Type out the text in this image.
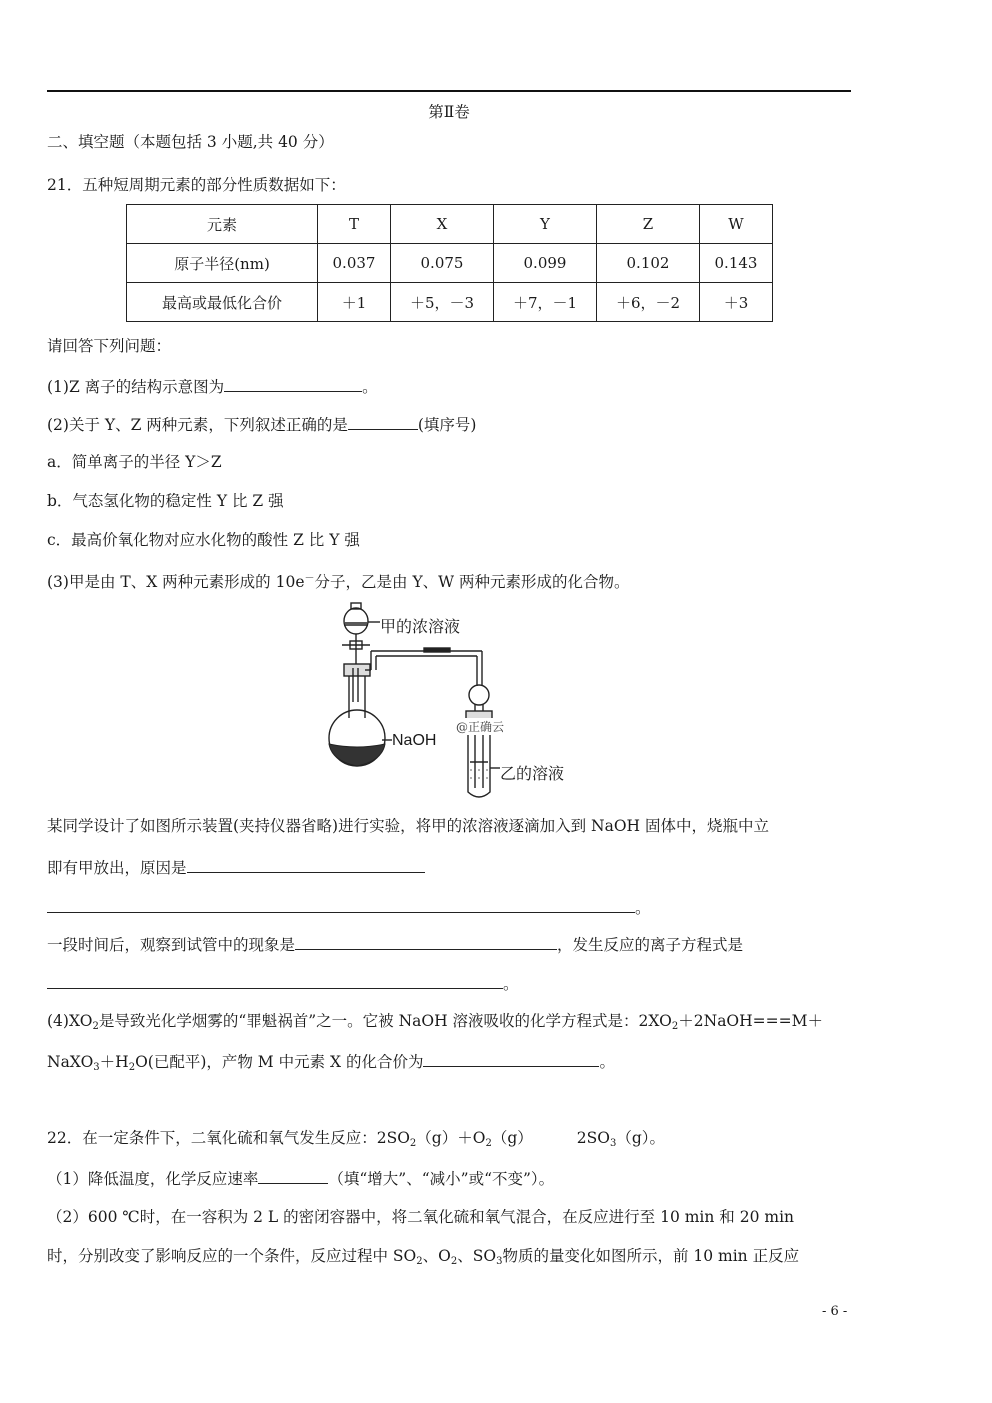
第Ⅱ卷
二、填空题（本题包括 3 小题,共 40 分）
21．五种短周期元素的部分性质数据如下：
元素	T	X	Y	Z	W
原子半径(nm)	0.037	0.075	0.099	0.102	0.143
最高或最低化合价	＋1	＋5，－3	＋7，－1	＋6，－2	＋3
请回答下列问题：
(1)Z 离子的结构示意图为	。
(2)关于 Y、Z 两种元素，下列叙述正确的是	(填序号)
a．简单离子的半径 Y＞Z
b．气态氢化物的稳定性 Y 比 Z 强
c．最高价氧化物对应水化物的酸性 Z 比 Y 强
(3)甲是由 T、X 两种元素形成的 10e－分子，乙是由 Y、W 两种元素形成的化合物。
甲的浓溶液
NaOH
乙的溶液
@正确云
某同学设计了如图所示装置(夹持仪器省略)进行实验，将甲的浓溶液逐滴加入到 NaOH 固体中，烧瓶中立
即有甲放出，原因是
。
一段时间后，观察到试管中的现象是	，发生反应的离子方程式是
。
$(4)XO_2$是导致光化学烟雾的“罪魁祸首”之一。它被 NaOH 溶液吸收的化学方程式是：$2XO_2+2NaOH===M+$
$NaXO_3+H_2O$(已配平)，产物 M 中元素 X 的化合价为	。
22．在一定条件下，二氧化硫和氧气发生反应：$2SO_2(g)+O_2(g)$	$2SO_3(g)$。
（1）降低温度，化学反应速率	（填“增大”、“减小”或“不变”）。
（2）600 ℃时，在一容积为 2 L 的密闭容器中，将二氧化硫和氧气混合，在反应进行至 10 min 和 20 min
时，分别改变了影响反应的一个条件，反应过程中 $SO_2$、$O_2$、$SO_3$物质的量变化如图所示，前 10 min 正反应
- 6 -
